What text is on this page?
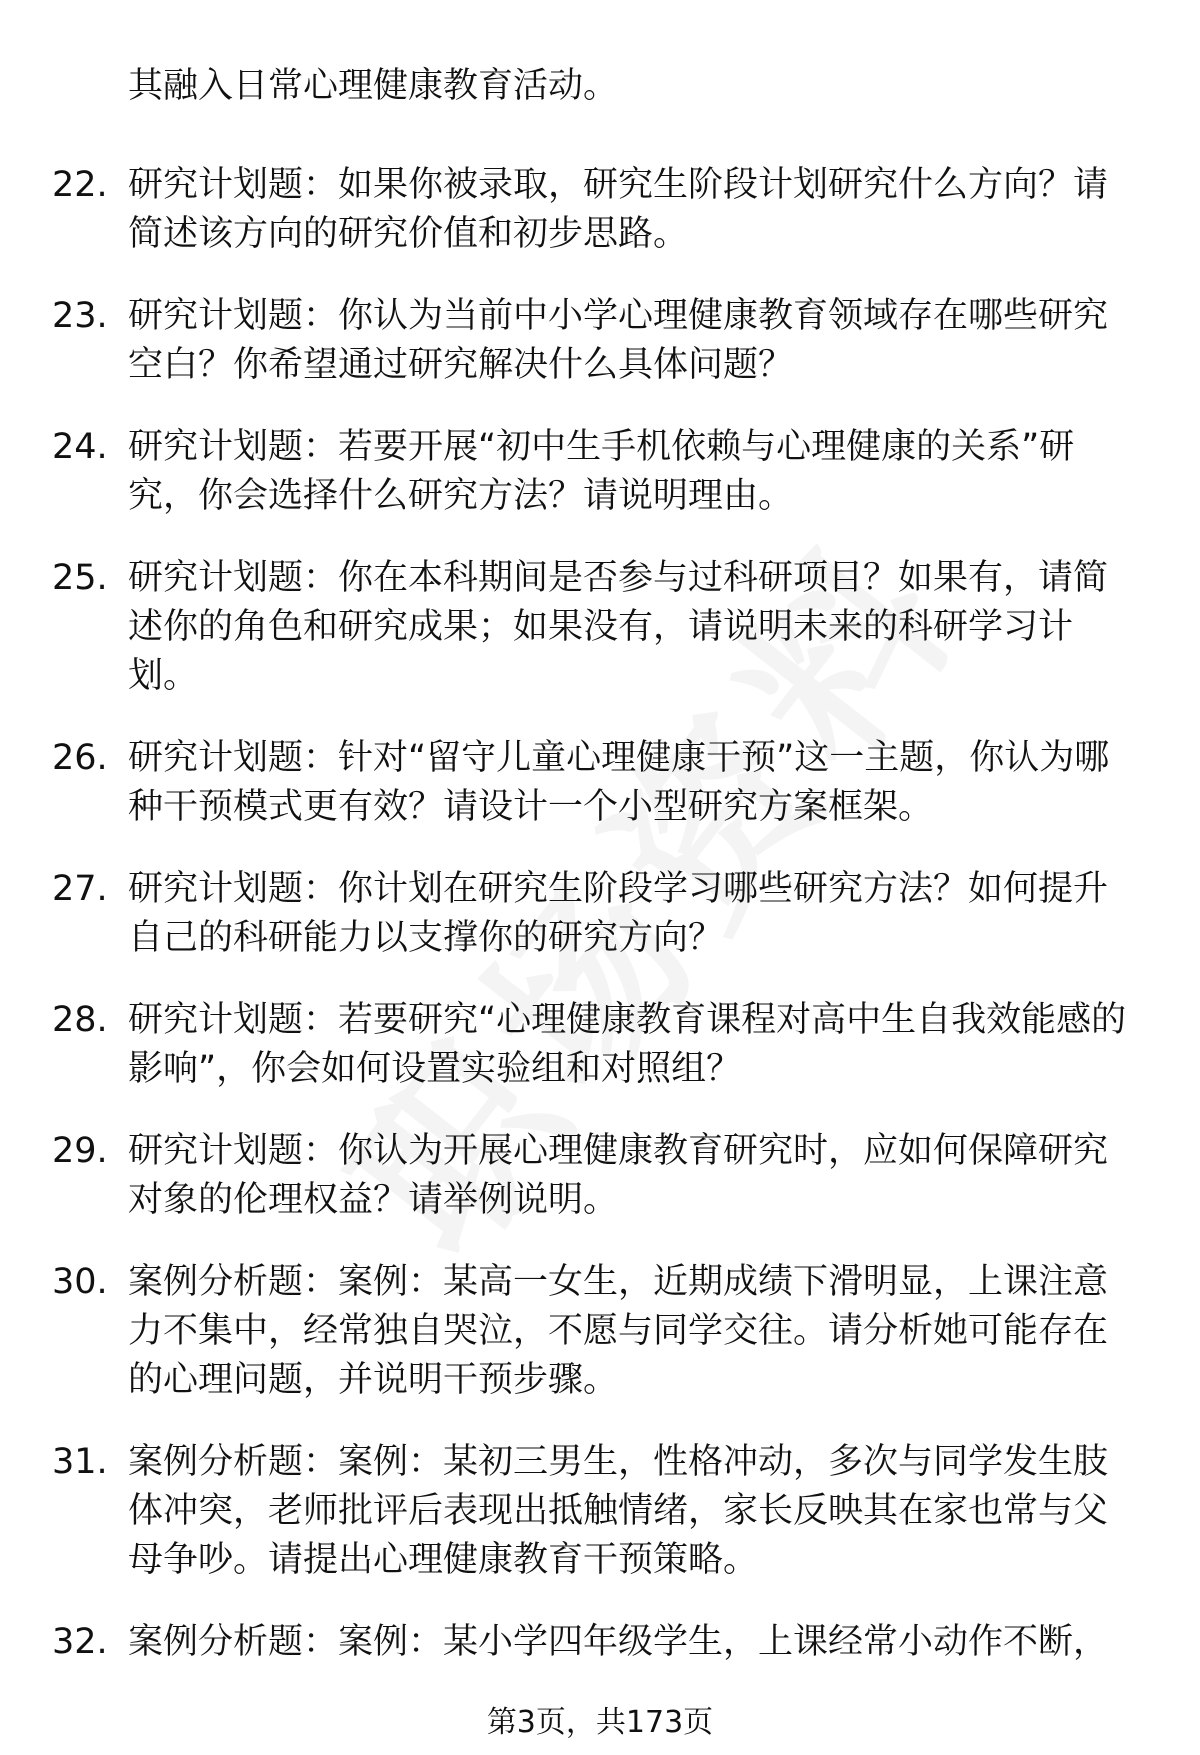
其融入日常心理健康教育活动。
22. 研究计划题：如果你被录取，研究生阶段计划研究什么方向？请简述该方向的研究价值和初步思路。
23. 研究计划题：你认为当前中小学心理健康教育领域存在哪些研究空白？你希望通过研究解决什么具体问题？
24. 研究计划题：若要开展“初中生手机依赖与心理健康的关系”研究，你会选择什么研究方法？请说明理由。
25. 研究计划题：你在本科期间是否参与过科研项目？如果有，请简述你的角色和研究成果；如果没有，请说明未来的科研学习计划。
26. 研究计划题：针对“留守儿童心理健康干预”这一主题，你认为哪种干预模式更有效？请设计一个小型研究方案框架。
27. 研究计划题：你计划在研究生阶段学习哪些研究方法？如何提升自己的科研能力以支撑你的研究方向？
28. 研究计划题：若要研究“心理健康教育课程对高中生自我效能感的影响”，你会如何设置实验组和对照组？
29. 研究计划题：你认为开展心理健康教育研究时，应如何保障研究对象的伦理权益？请举例说明。
30. 案例分析题：案例：某高一女生，近期成绩下滑明显，上课注意力不集中，经常独自哭泣，不愿与同学交往。请分析她可能存在的心理问题，并说明干预步骤。
31. 案例分析题：案例：某初三男生，性格冲动，多次与同学发生肢体冲突，老师批评后表现出抵触情绪，家长反映其在家也常与父母争吵。请提出心理健康教育干预策略。
32. 案例分析题：案例：某小学四年级学生，上课经常小动作不断，
第3页，共173页
